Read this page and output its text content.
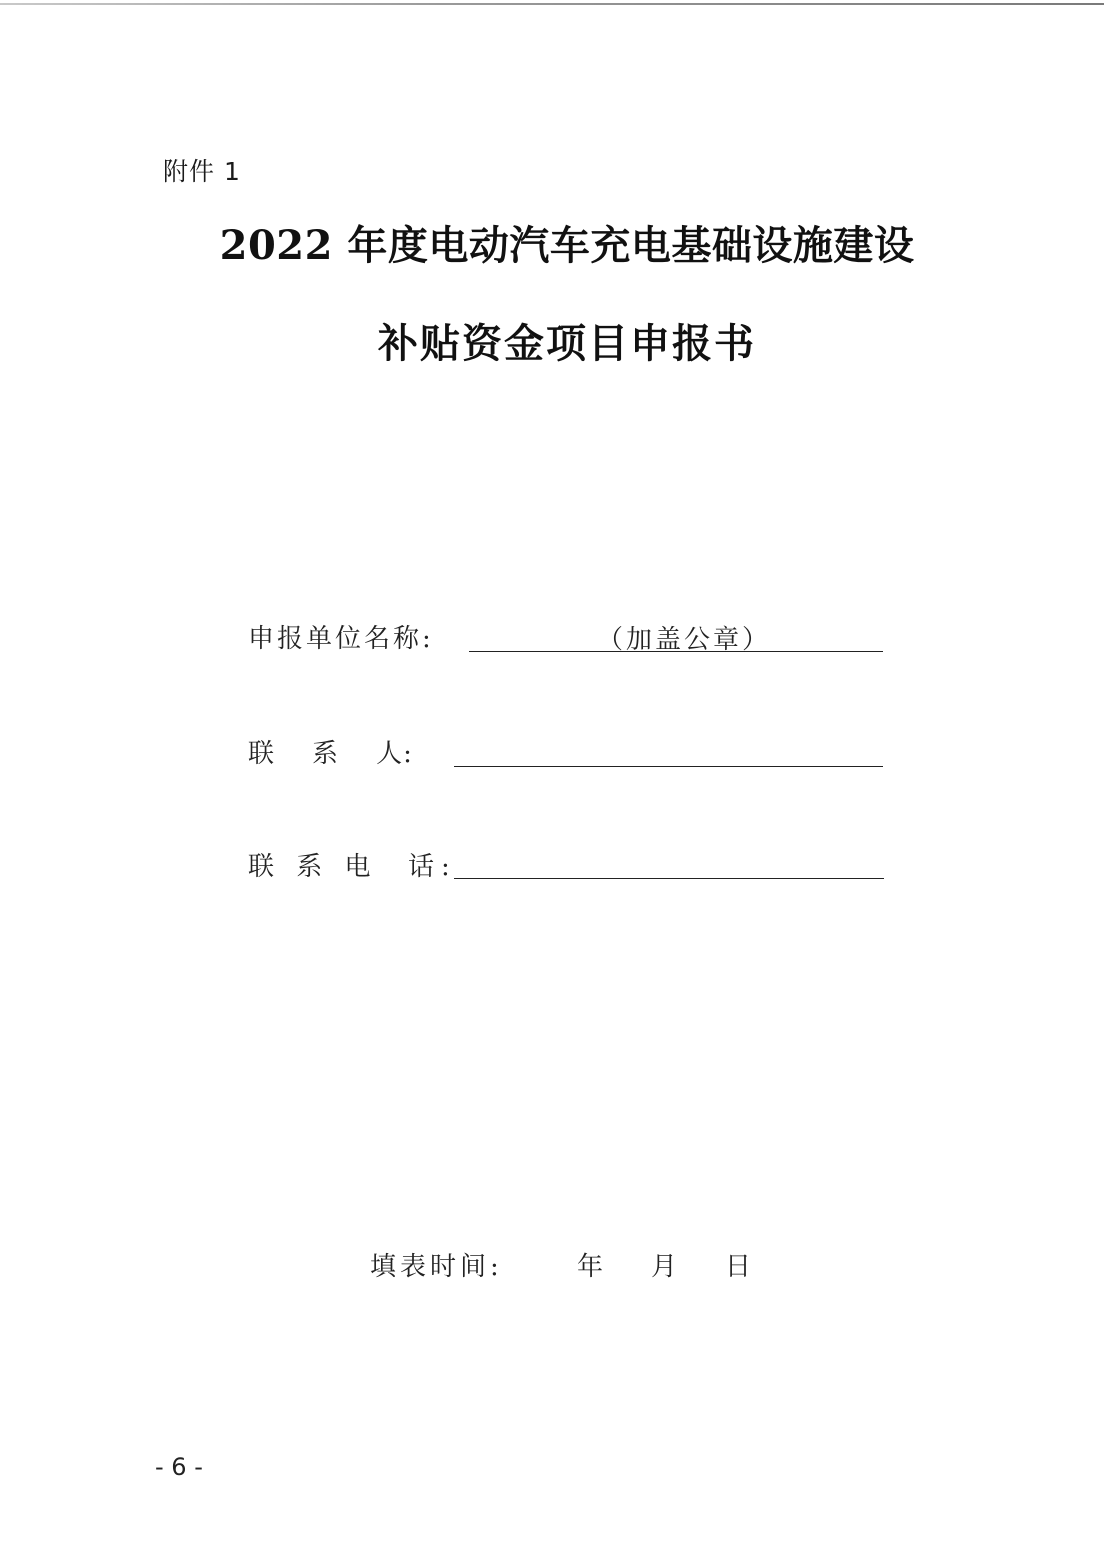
附件 1
2022 年度电动汽车充电基础设施建设
补贴资金项目申报书
申报单位名称:	（加盖公章）
联    系    人:
联 系 电  话:
填表时间:	年 月 日
- 6 -
